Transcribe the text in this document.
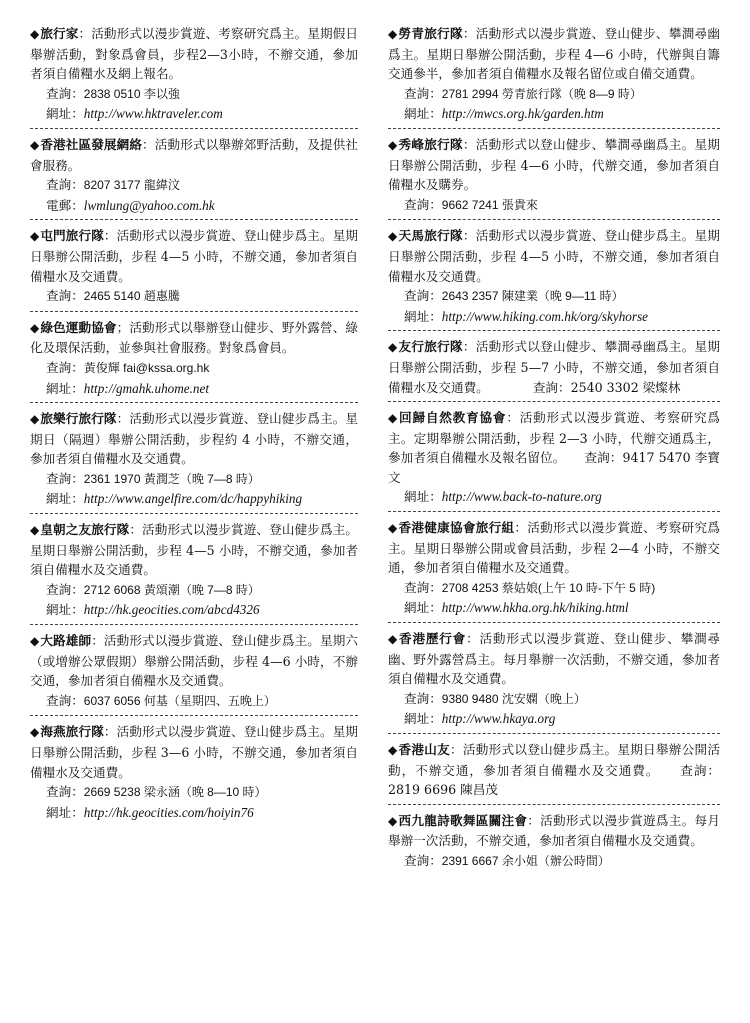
◆旅行家：活動形式以漫步賞遊、考察研究爲主。星期假日舉辦活動，對象爲會員，步程2—3小時，不辦交通，參加者須自備糧水及網上報名。

查詢：2838 0510 李以強
網址：http://www.hktraveler.com

◆香港社區發展網絡：活動形式以舉辦郊野活動，及提供社會服務。

查詢：8207 3177 龍緯汶
電郵：lwmlung@yahoo.com.hk

◆屯門旅行隊：活動形式以漫步賞遊、登山健步爲主。星期日舉辦公開活動，步程 4—5 小時，不辦交通，參加者須自備糧水及交通費。

查詢：2465 5140 趙惠騰

◆綠色運動協會；活動形式以舉辦登山健步、野外露營、綠化及環保活動，並參與社會服務。對象爲會員。

查詢：黃俊輝 fai@kssa.org.hk
網址：http://gmahk.uhome.net

◆旅樂行旅行隊：活動形式以漫步賞遊、登山健步爲主。星期日（隔週）舉辦公開活動，步程約 4 小時，不辦交通，參加者須自備糧水及交通費。

查詢：2361 1970 黃潤芝（晚 7—8 時）
網址：http://www.angelfire.com/dc/happyhiking

◆皇朝之友旅行隊：活動形式以漫步賞遊、登山健步爲主。星期日舉辦公開活動，步程 4—5 小時，不辦交通，參加者須自備糧水及交通費。

查詢：2712 6068 黃頌潮（晚 7—8 時）
網址：http://hk.geocities.com/abcd4326

◆大路雄師：活動形式以漫步賞遊、登山健步爲主。星期六（或增辦公眾假期）舉辦公開活動，步程 4—6 小時，不辦交通，參加者須自備糧水及交通費。

查詢：6037 6056 何基（星期四、五晚上）

◆海燕旅行隊：活動形式以漫步賞遊、登山健步爲主。星期日舉辦公開活動，步程 3—6 小時，不辦交通，參加者須自備糧水及交通費。

查詢：2669 5238 梁永涵（晚 8—10 時）
網址：http://hk.geocities.com/hoiyin76

◆勞青旅行隊：活動形式以漫步賞遊、登山健步、攀澗尋幽爲主。星期日舉辦公開活動，步程 4—6 小時，代辦與自籌交通參半，參加者須自備糧水及報名留位或自備交通費。

查詢：2781 2994 勞青旅行隊（晚 8—9 時）
網址：http://mwcs.org.hk/garden.htm

◆秀峰旅行隊：活動形式以登山健步、攀澗尋幽爲主。星期日舉辦公開活動，步程 4—6 小時，代辦交通，參加者須自備糧水及購券。

查詢：9662 7241 張貴來

◆天馬旅行隊：活動形式以漫步賞遊、登山健步爲主。星期日舉辦公開活動，步程 4—5 小時，不辦交通，參加者須自備糧水及交通費。

查詢：2643 2357 陳建業（晚 9—11 時）
網址：http://www.hiking.com.hk/org/skyhorse

◆友行旅行隊：活動形式以登山健步、攀澗尋幽爲主。星期日舉辦公開活動，步程 5—7 小時，不辦交通，參加者須自備糧水及交通費。　　　　查詢：2540 3302 梁燦林

◆回歸自然教育協會：活動形式以漫步賞遊、考察研究爲主。定期舉辦公開活動，步程 2—3 小時，代辦交通爲主，參加者須自備糧水及報名留位。　　查詢：9417 5470 李寶文

網址：http://www.back-to-nature.org

◆香港健康協會旅行組：活動形式以漫步賞遊、考察研究爲主。星期日舉辦公開或會員活動，步程 2—4 小時，不辦交通，參加者須自備糧水及交通費。

查詢：2708 4253 蔡姑娘(上午 10 時-下午 5 時)
網址：http://www.hkha.org.hk/hiking.html

◆香港歷行會：活動形式以漫步賞遊、登山健步、攀澗尋幽、野外露營爲主。每月舉辦一次活動，不辦交通，參加者須自備糧水及交通費。

查詢：9380 9480 沈安嫻（晚上）
網址：http://www.hkaya.org

◆香港山友：活動形式以登山健步爲主。星期日舉辦公開活動，不辦交通，參加者須自備糧水及交通費。　　查詢：2819 6696 陳昌茂

◆西九龍詩歌舞區關注會：活動形式以漫步賞遊爲主。每月舉辦一次活動，不辦交通，參加者須自備糧水及交通費。

查詢：2391 6667 余小姐（辦公時間）
